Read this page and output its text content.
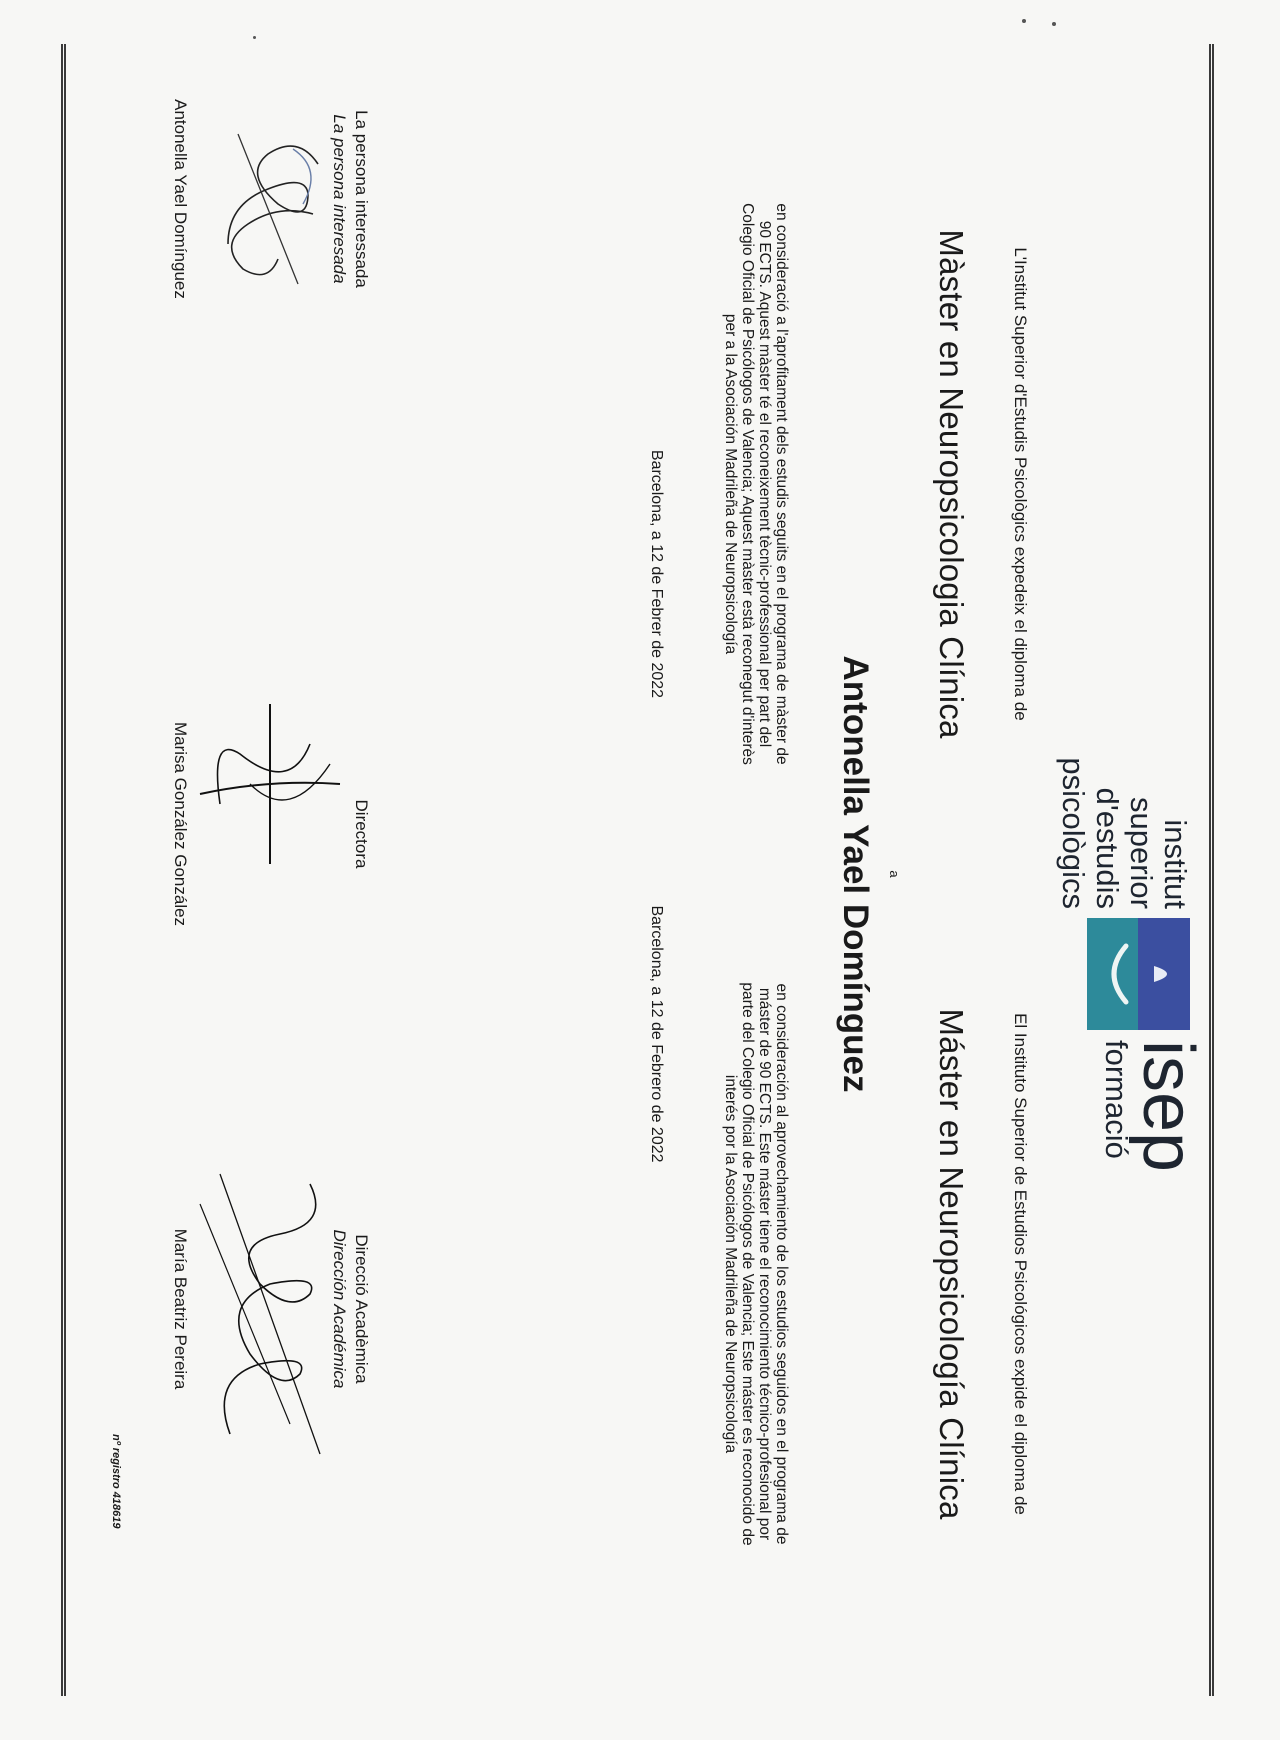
institut superior
d'estudis
psicològics
isep
formació
L'Institut Superior d'Estudis Psicològics expedeix el diploma de
El Instituto Superior de Estudios Psicológicos expide el diploma de
Màster en Neuropsicologia Clínica
Máster en Neuropsicología Clínica
a
Antonella Yael Domínguez
en consideració a l'aprofitament dels estudis seguits en el programa de màster de
90 ECTS. Aquest màster té el reconeixement tècnic-professional per part del
Colegio Oficial de Psicólogos de Valencia; Aquest màster està reconegut d'interès
per a la Asociación Madrileña de Neuropsicología
en consideración al aprovechamiento de los estudios seguidos en el programa de
máster de 90 ECTS. Este máster tiene el reconocimiento técnico-profesional por
parte del Colegio Oficial de Psicólogos de Valencia; Este máster es reconocido de
interés por la Asociación Madrileña de Neuropsicología
Barcelona, a 12 de Febrer de 2022
Barcelona, a 12 de Febrero de 2022
La persona interessada
La persona interesada
Directora
Direcció Acadèmica
Dirección Académica
Antonella Yael Domínguez
Marisa González González
María Beatriz Pereira
nº registro 418619
